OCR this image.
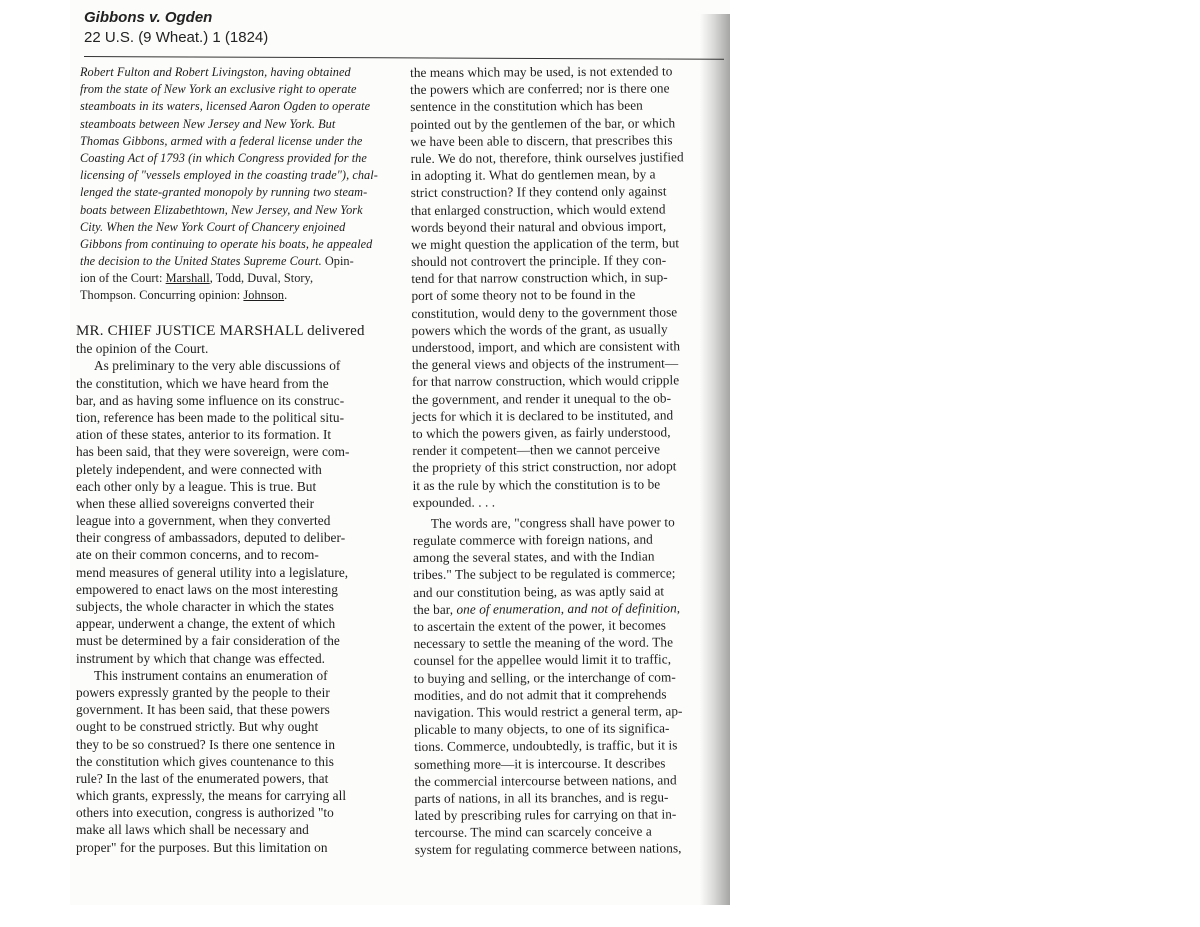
Gibbons v. Ogden
22 U.S. (9 Wheat.) 1 (1824)
Robert Fulton and Robert Livingston, having obtained
from the state of New York an exclusive right to operate
steamboats in its waters, licensed Aaron Ogden to operate
steamboats between New Jersey and New York. But
Thomas Gibbons, armed with a federal license under the
Coasting Act of 1793 (in which Congress provided for the
licensing of "vessels employed in the coasting trade"), chal-
lenged the state-granted monopoly by running two steam-
boats between Elizabethtown, New Jersey, and New York
City. When the New York Court of Chancery enjoined
Gibbons from continuing to operate his boats, he appealed
the decision to the United States Supreme Court. Opin-
ion of the Court: Marshall, Todd, Duval, Story,
Thompson. Concurring opinion: Johnson.
MR. CHIEF JUSTICE MARSHALL delivered
the opinion of the Court.
As preliminary to the very able discussions of
the constitution, which we have heard from the
bar, and as having some influence on its construc-
tion, reference has been made to the political situ-
ation of these states, anterior to its formation. It
has been said, that they were sovereign, were com-
pletely independent, and were connected with
each other only by a league. This is true. But
when these allied sovereigns converted their
league into a government, when they converted
their congress of ambassadors, deputed to deliber-
ate on their common concerns, and to recom-
mend measures of general utility into a legislature,
empowered to enact laws on the most interesting
subjects, the whole character in which the states
appear, underwent a change, the extent of which
must be determined by a fair consideration of the
instrument by which that change was effected.
This instrument contains an enumeration of
powers expressly granted by the people to their
government. It has been said, that these powers
ought to be construed strictly. But why ought
they to be so construed? Is there one sentence in
the constitution which gives countenance to this
rule? In the last of the enumerated powers, that
which grants, expressly, the means for carrying all
others into execution, congress is authorized "to
make all laws which shall be necessary and
proper" for the purposes. But this limitation on
the means which may be used, is not extended to
the powers which are conferred; nor is there one
sentence in the constitution which has been
pointed out by the gentlemen of the bar, or which
we have been able to discern, that prescribes this
rule. We do not, therefore, think ourselves justified
in adopting it. What do gentlemen mean, by a
strict construction? If they contend only against
that enlarged construction, which would extend
words beyond their natural and obvious import,
we might question the application of the term, but
should not controvert the principle. If they con-
tend for that narrow construction which, in sup-
port of some theory not to be found in the
constitution, would deny to the government those
powers which the words of the grant, as usually
understood, import, and which are consistent with
the general views and objects of the instrument—
for that narrow construction, which would cripple
the government, and render it unequal to the ob-
jects for which it is declared to be instituted, and
to which the powers given, as fairly understood,
render it competent—then we cannot perceive
the propriety of this strict construction, nor adopt
it as the rule by which the constitution is to be
expounded. . . .
The words are, "congress shall have power to
regulate commerce with foreign nations, and
among the several states, and with the Indian
tribes." The subject to be regulated is commerce;
and our constitution being, as was aptly said at
the bar, one of enumeration, and not of definition,
to ascertain the extent of the power, it becomes
necessary to settle the meaning of the word. The
counsel for the appellee would limit it to traffic,
to buying and selling, or the interchange of com-
modities, and do not admit that it comprehends
navigation. This would restrict a general term, ap-
plicable to many objects, to one of its significa-
tions. Commerce, undoubtedly, is traffic, but it is
something more—it is intercourse. It describes
the commercial intercourse between nations, and
parts of nations, in all its branches, and is regu-
lated by prescribing rules for carrying on that in-
tercourse. The mind can scarcely conceive a
system for regulating commerce between nations,
